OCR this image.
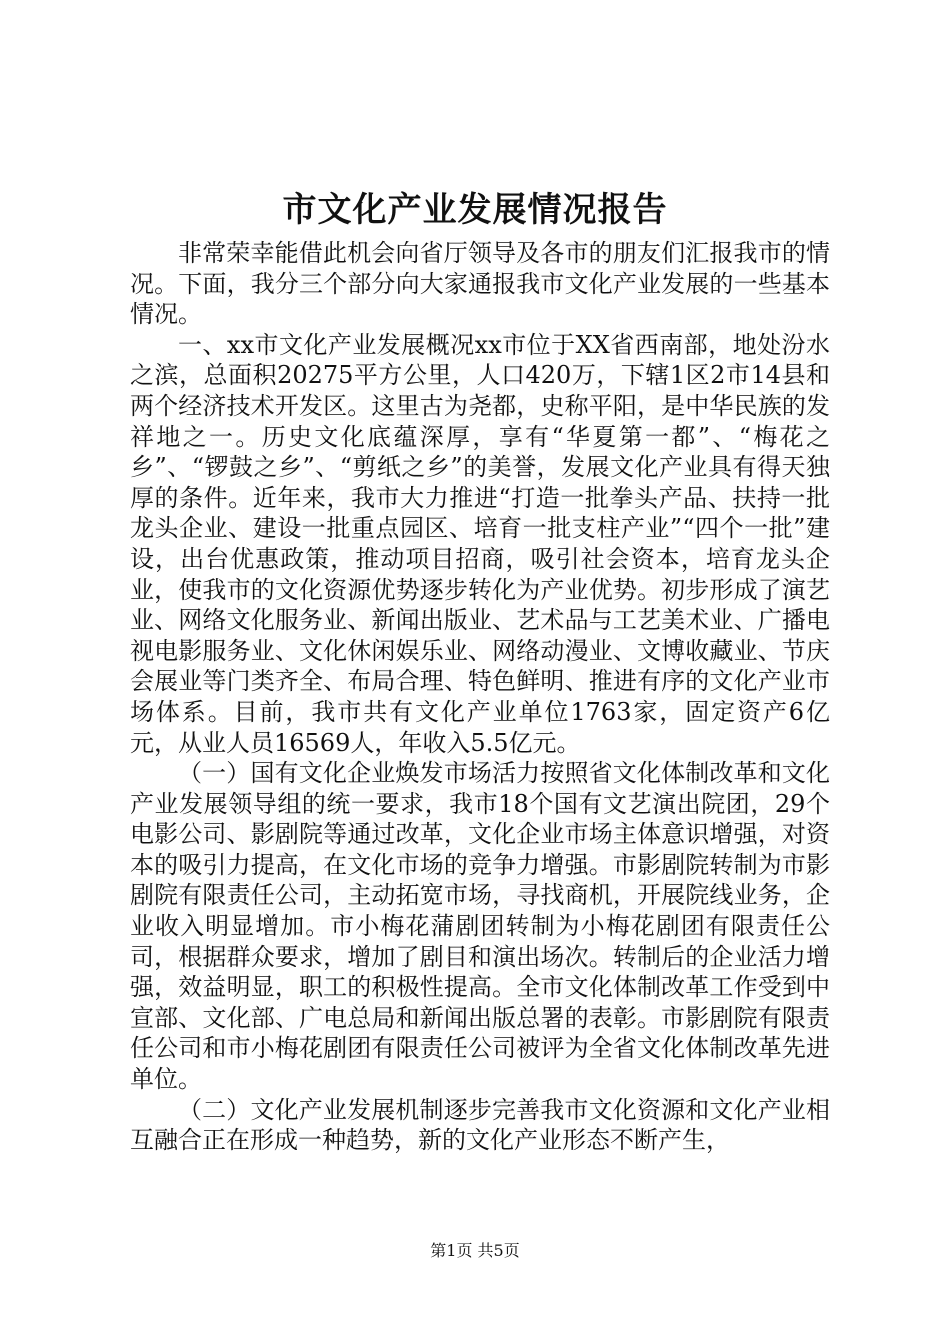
市文化产业发展情况报告

非常荣幸能借此机会向省厅领导及各市的朋友们汇报我市的情况。下面，我分三个部分向大家通报我市文化产业发展的一些基本情况。

一、xx市文化产业发展概况xx市位于XX省西南部，地处汾水之滨，总面积20275平方公里，人口420万，下辖1区2市14县和两个经济技术开发区。这里古为尧都，史称平阳，是中华民族的发祥地之一。历史文化底蕴深厚，享有“华夏第一都”、“梅花之乡”、“锣鼓之乡”、“剪纸之乡”的美誉，发展文化产业具有得天独厚的条件。近年来，我市大力推进“打造一批拳头产品、扶持一批龙头企业、建设一批重点园区、培育一批支柱产业”“四个一批”建设，出台优惠政策，推动项目招商，吸引社会资本，培育龙头企业，使我市的文化资源优势逐步转化为产业优势。初步形成了演艺业、网络文化服务业、新闻出版业、艺术品与工艺美术业、广播电视电影服务业、文化休闲娱乐业、网络动漫业、文博收藏业、节庆会展业等门类齐全、布局合理、特色鲜明、推进有序的文化产业市场体系。目前，我市共有文化产业单位1763家，固定资产6亿元，从业人员16569人，年收入5.5亿元。

（一）国有文化企业焕发市场活力按照省文化体制改革和文化产业发展领导组的统一要求，我市18个国有文艺演出院团，29个电影公司、影剧院等通过改革，文化企业市场主体意识增强，对资本的吸引力提高，在文化市场的竞争力增强。市影剧院转制为市影剧院有限责任公司，主动拓宽市场，寻找商机，开展院线业务，企业收入明显增加。市小梅花蒲剧团转制为小梅花剧团有限责任公司，根据群众要求，增加了剧目和演出场次。转制后的企业活力增强，效益明显，职工的积极性提高。全市文化体制改革工作受到中宣部、文化部、广电总局和新闻出版总署的表彰。市影剧院有限责任公司和市小梅花剧团有限责任公司被评为全省文化体制改革先进单位。

（二）文化产业发展机制逐步完善我市文化资源和文化产业相互融合正在形成一种趋势，新的文化产业形态不断产生，

第1页 共5页
